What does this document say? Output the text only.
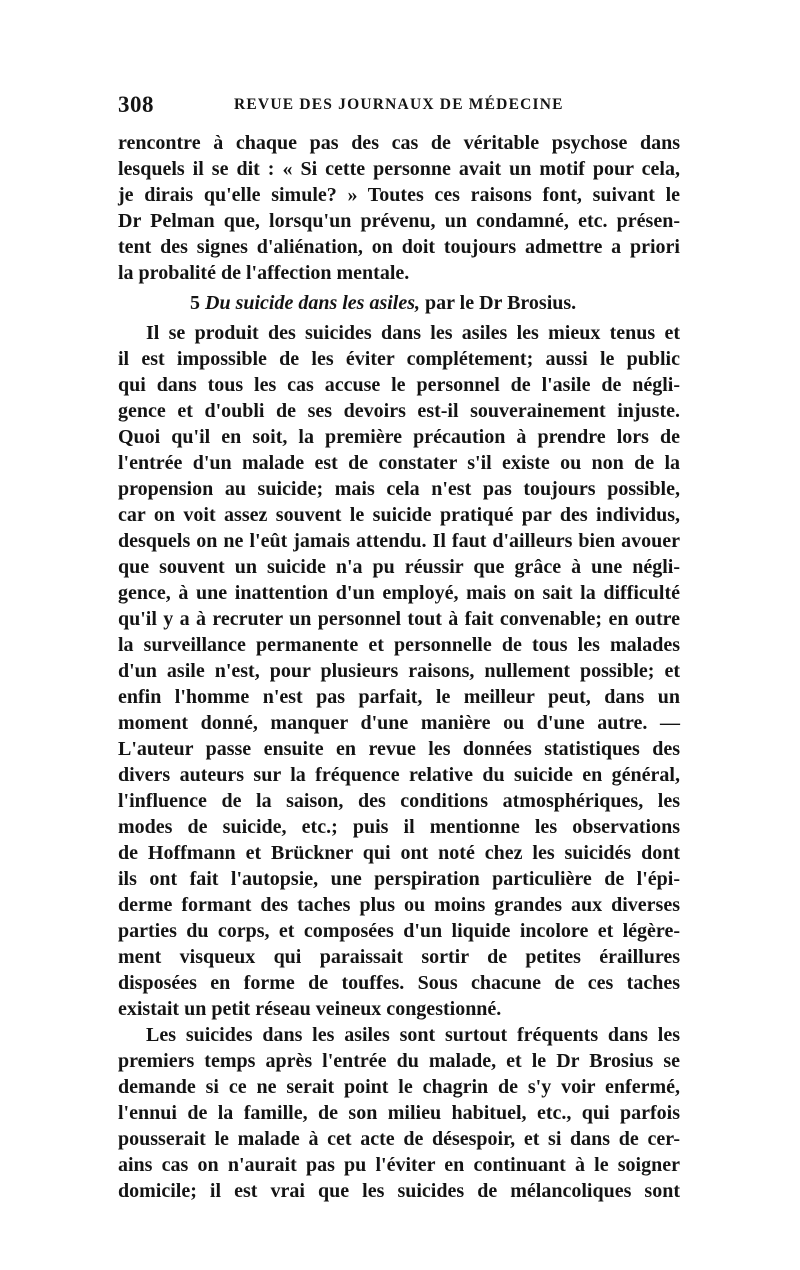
308	REVUE DES JOURNAUX DE MÉDECINE
rencontre à chaque pas des cas de véritable psychose dans
lesquels il se dit : « Si cette personne avait un motif pour cela,
je dirais qu'elle simule? » Toutes ces raisons font, suivant le
Dr Pelman que, lorsqu'un prévenu, un condamné, etc. présen-
tent des signes d'aliénation, on doit toujours admettre a priori
la probalité de l'affection mentale.
5 Du suicide dans les asiles, par le Dr Brosius.
Il se produit des suicides dans les asiles les mieux tenus et
il est impossible de les éviter complétement; aussi le public
qui dans tous les cas accuse le personnel de l'asile de négli-
gence et d'oubli de ses devoirs est-il souverainement injuste.
Quoi qu'il en soit, la première précaution à prendre lors de
l'entrée d'un malade est de constater s'il existe ou non de la
propension au suicide; mais cela n'est pas toujours possible,
car on voit assez souvent le suicide pratiqué par des individus,
desquels on ne l'eût jamais attendu. Il faut d'ailleurs bien avouer
que souvent un suicide n'a pu réussir que grâce à une négli-
gence, à une inattention d'un employé, mais on sait la difficulté
qu'il y a à recruter un personnel tout à fait convenable; en outre
la surveillance permanente et personnelle de tous les malades
d'un asile n'est, pour plusieurs raisons, nullement possible; et
enfin l'homme n'est pas parfait, le meilleur peut, dans un
moment donné, manquer d'une manière ou d'une autre. —
L'auteur passe ensuite en revue les données statistiques des
divers auteurs sur la fréquence relative du suicide en général,
l'influence de la saison, des conditions atmosphériques, les
modes de suicide, etc.; puis il mentionne les observations
de Hoffmann et Brückner qui ont noté chez les suicidés dont
ils ont fait l'autopsie, une perspiration particulière de l'épi-
derme formant des taches plus ou moins grandes aux diverses
parties du corps, et composées d'un liquide incolore et légère-
ment visqueux qui paraissait sortir de petites éraillures
disposées en forme de touffes. Sous chacune de ces taches
existait un petit réseau veineux congestionné.
Les suicides dans les asiles sont surtout fréquents dans les
premiers temps après l'entrée du malade, et le Dr Brosius se
demande si ce ne serait point le chagrin de s'y voir enfermé,
l'ennui de la famille, de son milieu habituel, etc., qui parfois
pousserait le malade à cet acte de désespoir, et si dans de cer-
ains cas on n'aurait pas pu l'éviter en continuant à le soigner
domicile; il est vrai que les suicides de mélancoliques sont
